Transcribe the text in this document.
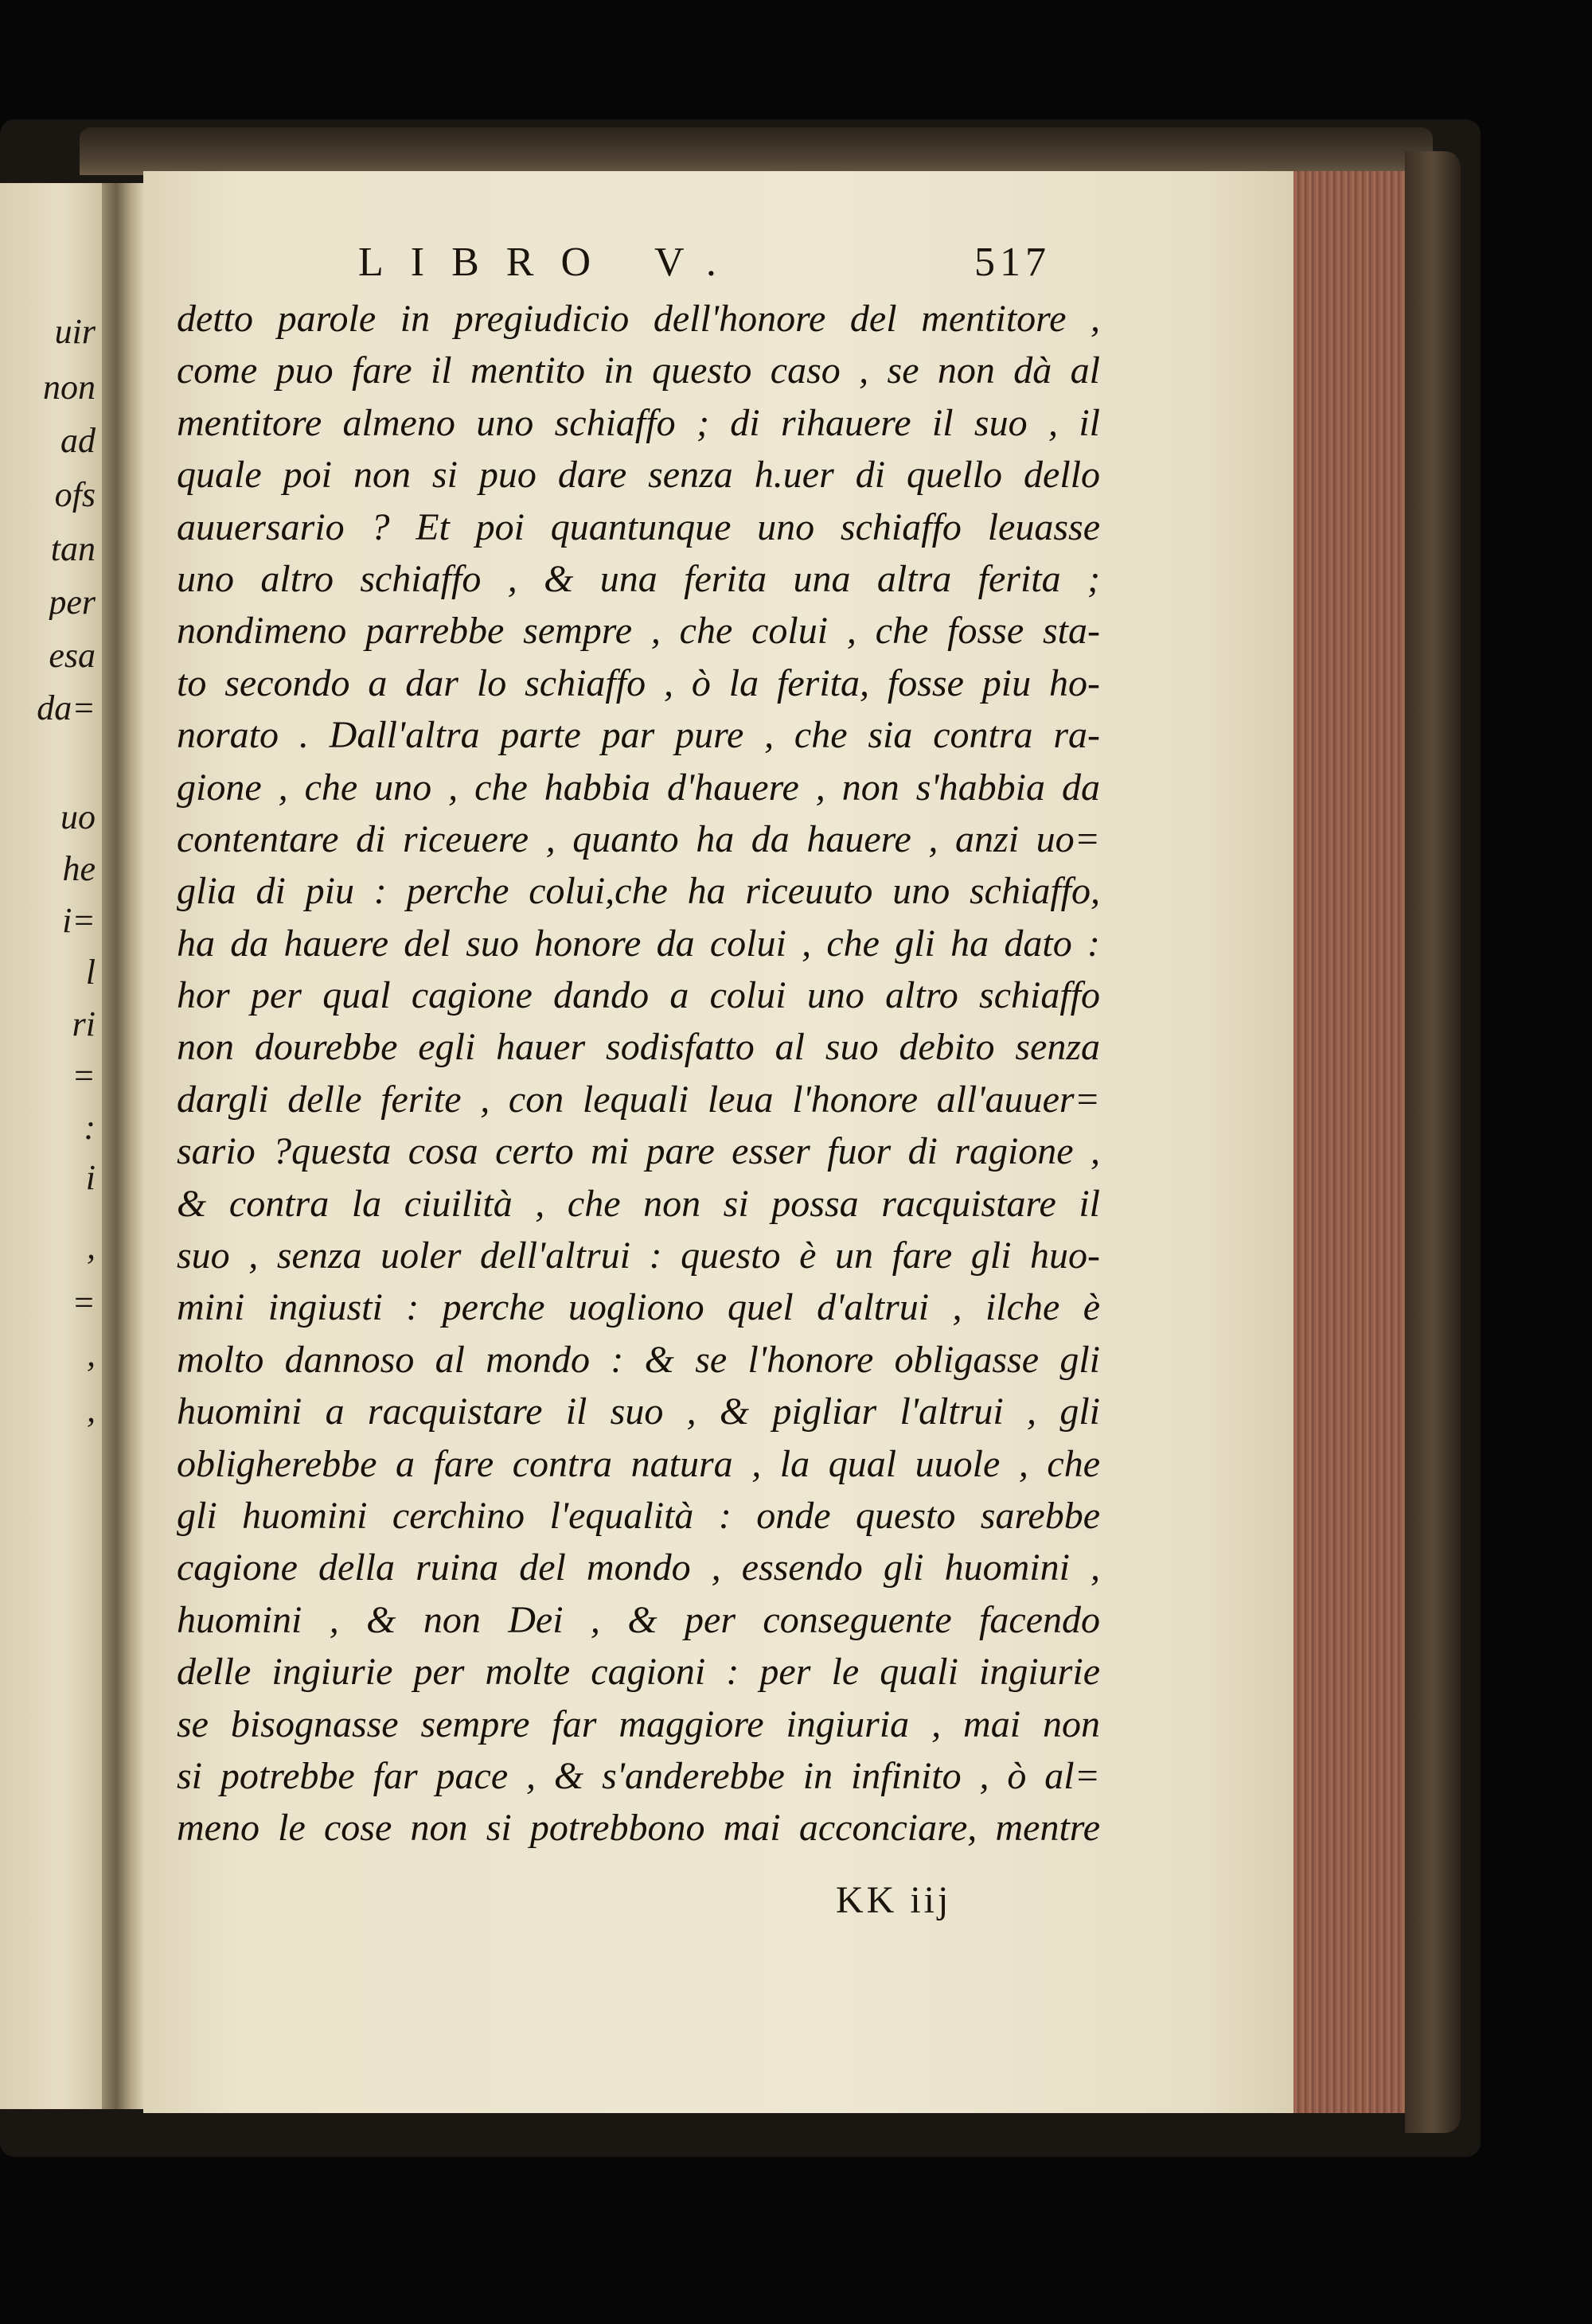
uir
non
ad
ofs
tan
per
esa
da=
uo
he
i=
l
ri
=
:
i
,
=
,
,
LIBRO V.	517
detto parole in pregiudicio dell'honore del mentitore ,
come puo fare il mentito in questo caso , se non dà al
mentitore almeno uno schiaffo ; di rihauere il suo , il
quale poi non si puo dare senza h.uer di quello dello
auuersario ? Et poi quantunque uno schiaffo leuasse
uno altro schiaffo , & una ferita una altra ferita ;
nondimeno parrebbe sempre , che colui , che fosse sta-
to secondo a dar lo schiaffo , ò la ferita, fosse piu ho-
norato . Dall'altra parte par pure , che sia contra ra-
gione , che uno , che habbia d'hauere , non s'habbia da
contentare di riceuere , quanto ha da hauere , anzi uo=
glia di piu : perche colui,che ha riceuuto uno schiaffo,
ha da hauere del suo honore da colui , che gli ha dato :
hor per qual cagione dando a colui uno altro schiaffo
non dourebbe egli hauer sodisfatto al suo debito senza
dargli delle ferite , con lequali leua l'honore all'auuer=
sario ?questa cosa certo mi pare esser fuor di ragione ,
& contra la ciuilità , che non si possa racquistare il
suo , senza uoler dell'altrui : questo è un fare gli huo-
mini ingiusti : perche uogliono quel d'altrui , ilche è
molto dannoso al mondo : & se l'honore obligasse gli
huomini a racquistare il suo , & pigliar l'altrui , gli
obligherebbe a fare contra natura , la qual uuole , che
gli huomini cerchino l'equalità : onde questo sarebbe
cagione della ruina del mondo , essendo gli huomini ,
huomini , & non Dei , & per conseguente facendo
delle ingiurie per molte cagioni : per le quali ingiurie
se bisognasse sempre far maggiore ingiuria , mai non
si potrebbe far pace , & s'anderebbe in infinito , ò al=
meno le cose non si potrebbono mai acconciare, mentre
KK iij
